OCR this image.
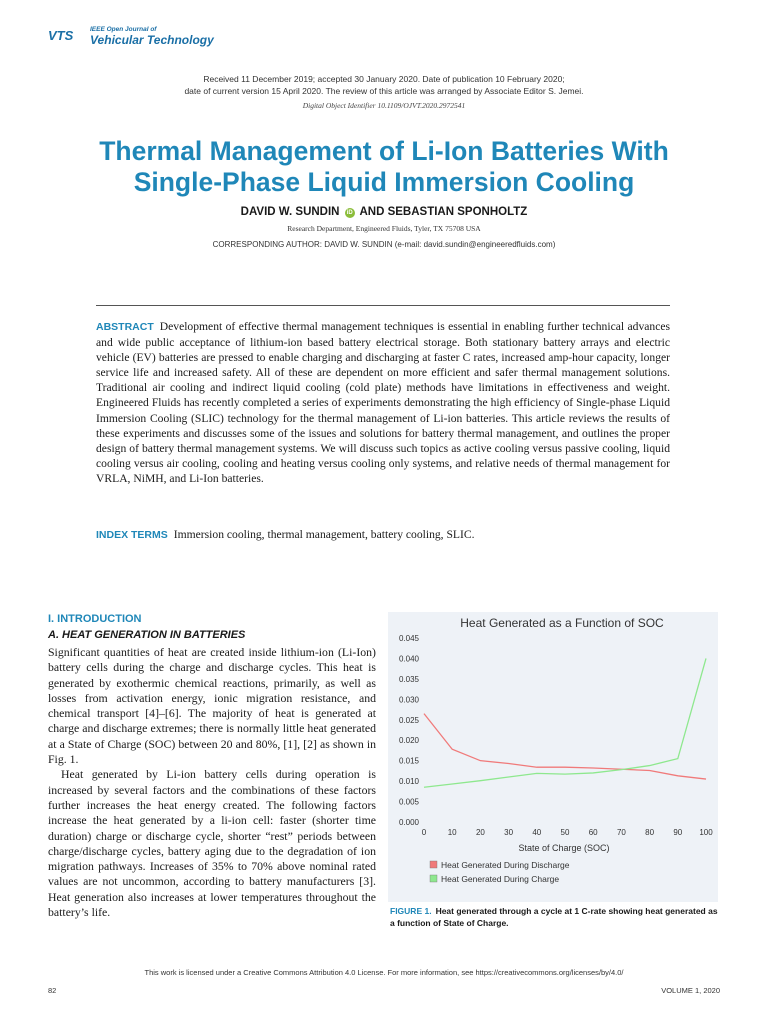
VTS	IEEE Open Journal of
Vehicular Technology
Received 11 December 2019; accepted 30 January 2020. Date of publication 10 February 2020;
date of current version 15 April 2020. The review of this article was arranged by Associate Editor S. Jemei.
Digital Object Identifier 10.1109/OJVT.2020.2972541
Thermal Management of Li-Ion Batteries With
Single-Phase Liquid Immersion Cooling
DAVID W. SUNDIN iD AND SEBASTIAN SPONHOLTZ
Research Department, Engineered Fluids, Tyler, TX 75708 USA
CORRESPONDING AUTHOR: DAVID W. SUNDIN (e-mail: david.sundin@engineeredfluids.com)
ABSTRACT Development of effective thermal management techniques is essential in enabling further technical advances and wide public acceptance of lithium-ion based battery electrical storage. Both stationary battery arrays and electric vehicle (EV) batteries are pressed to enable charging and discharging at faster C rates, increased amp-hour capacity, longer service life and increased safety. All of these are dependent on more efficient and safer thermal management solutions. Traditional air cooling and indirect liquid cooling (cold plate) methods have limitations in effectiveness and weight. Engineered Fluids has recently completed a series of experiments demonstrating the high efficiency of Single-phase Liquid Immersion Cooling (SLIC) technology for the thermal management of Li-ion batteries. This article reviews the results of these experiments and discusses some of the issues and solutions for battery thermal management, and outlines the proper design of battery thermal management systems. We will discuss such topics as active cooling versus passive cooling, liquid cooling versus air cooling, cooling and heating versus cooling only systems, and relative needs of thermal management for VRLA, NiMH, and Li-Ion batteries.
INDEX TERMS Immersion cooling, thermal management, battery cooling, SLIC.
I. INTRODUCTION
A. HEAT GENERATION IN BATTERIES

Significant quantities of heat are created inside lithium-ion (Li-Ion) battery cells during the charge and discharge cycles. This heat is generated by exothermic chemical reactions, primarily, as well as losses from activation energy, ionic migration resistance, and chemical transport [4]–[6]. The majority of heat is generated at charge and discharge extremes; there is normally little heat generated at a State of Charge (SOC) between 20 and 80%, [1], [2] as shown in Fig. 1.

Heat generated by Li-ion battery cells during operation is increased by several factors and the combinations of these factors further increases the heat energy created. The following factors increase the heat generated by a li-ion cell: faster (shorter time duration) charge or discharge cycle, shorter “rest” periods between charge/discharge cycles, battery aging due to the degradation of ion migration pathways. Increases of 35% to 70% above nominal rated values are not uncommon, according to battery manufacturers [3]. Heat generation also increases at lower temperatures throughout the battery’s life.

Heat Generated as a Function of SOC
0.000
0.005
0.010
0.015
0.020
0.025
0.030
0.035
0.040
0.045
0	10 20 30 40 50 60 70 80 90 100
State of Charge (SOC)
Heat Generated During Discharge
Heat Generated During Charge
FIGURE 1. Heat generated through a cycle at 1 C-rate showing heat generated as a function of State of Charge.
This work is licensed under a Creative Commons Attribution 4.0 License. For more information, see https://creativecommons.org/licenses/by/4.0/
82	VOLUME 1, 2020
